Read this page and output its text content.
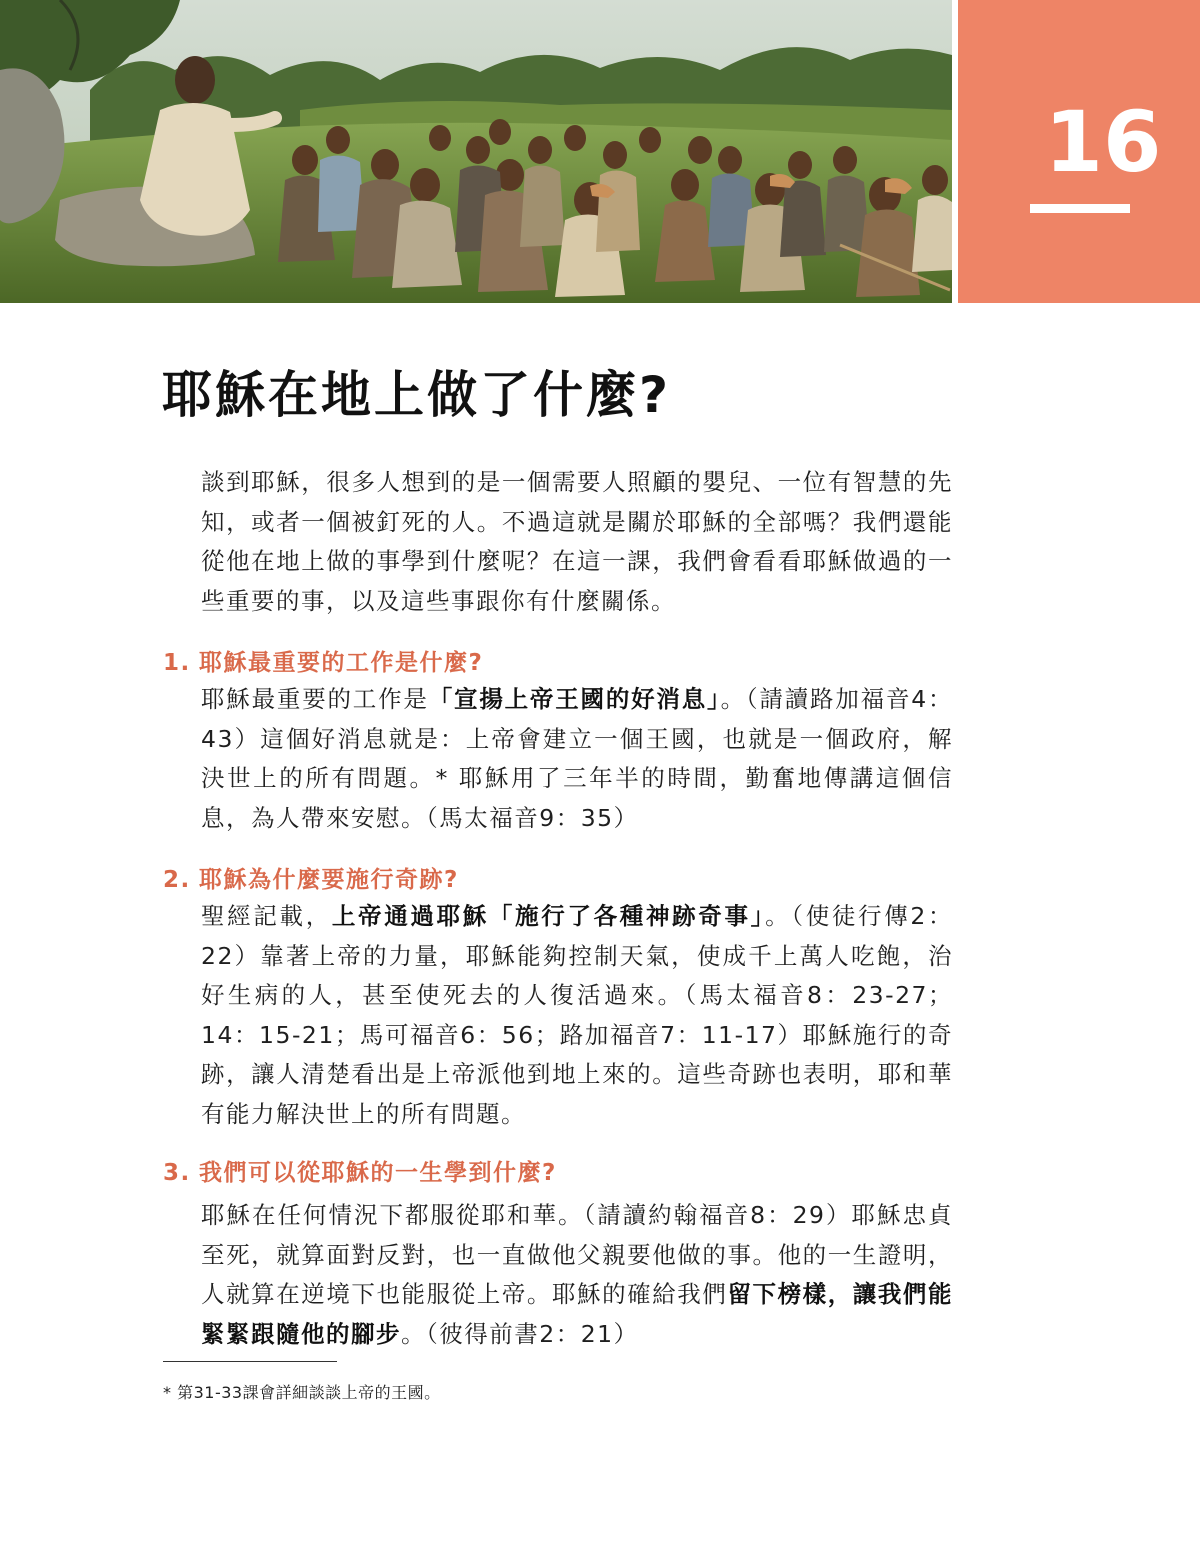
16
耶穌在地上做了什麼?

談到耶穌，很多人想到的是一個需要人照顧的嬰兒、一位有智慧的先知，或者一個被釘死的人。不過這就是關於耶穌的全部嗎？我們還能從他在地上做的事學到什麼呢？在這一課，我們會看看耶穌做過的一些重要的事，以及這些事跟你有什麼關係。

1. 耶穌最重要的工作是什麼?

耶穌最重要的工作是「宣揚上帝王國的好消息」。（請讀路加福音4：43）這個好消息就是：上帝會建立一個王國，也就是一個政府，解決世上的所有問題。* 耶穌用了三年半的時間，勤奮地傳講這個信息，為人帶來安慰。（馬太福音9：35）

2. 耶穌為什麼要施行奇跡?

聖經記載，上帝通過耶穌「施行了各種神跡奇事」。（使徒行傳2：22）靠著上帝的力量，耶穌能夠控制天氣，使成千上萬人吃飽，治好生病的人，甚至使死去的人復活過來。（馬太福音8：23-27；14：15-21；馬可福音6：56；路加福音7：11-17）耶穌施行的奇跡，讓人清楚看出是上帝派他到地上來的。這些奇跡也表明，耶和華有能力解決世上的所有問題。

3. 我們可以從耶穌的一生學到什麼?

耶穌在任何情況下都服從耶和華。（請讀約翰福音8：29）耶穌忠貞至死，就算面對反對，也一直做他父親要他做的事。他的一生證明，人就算在逆境下也能服從上帝。耶穌的確給我們留下榜樣，讓我們能緊緊跟隨他的腳步。（彼得前書2：21）

* 第31-33課會詳細談談上帝的王國。
